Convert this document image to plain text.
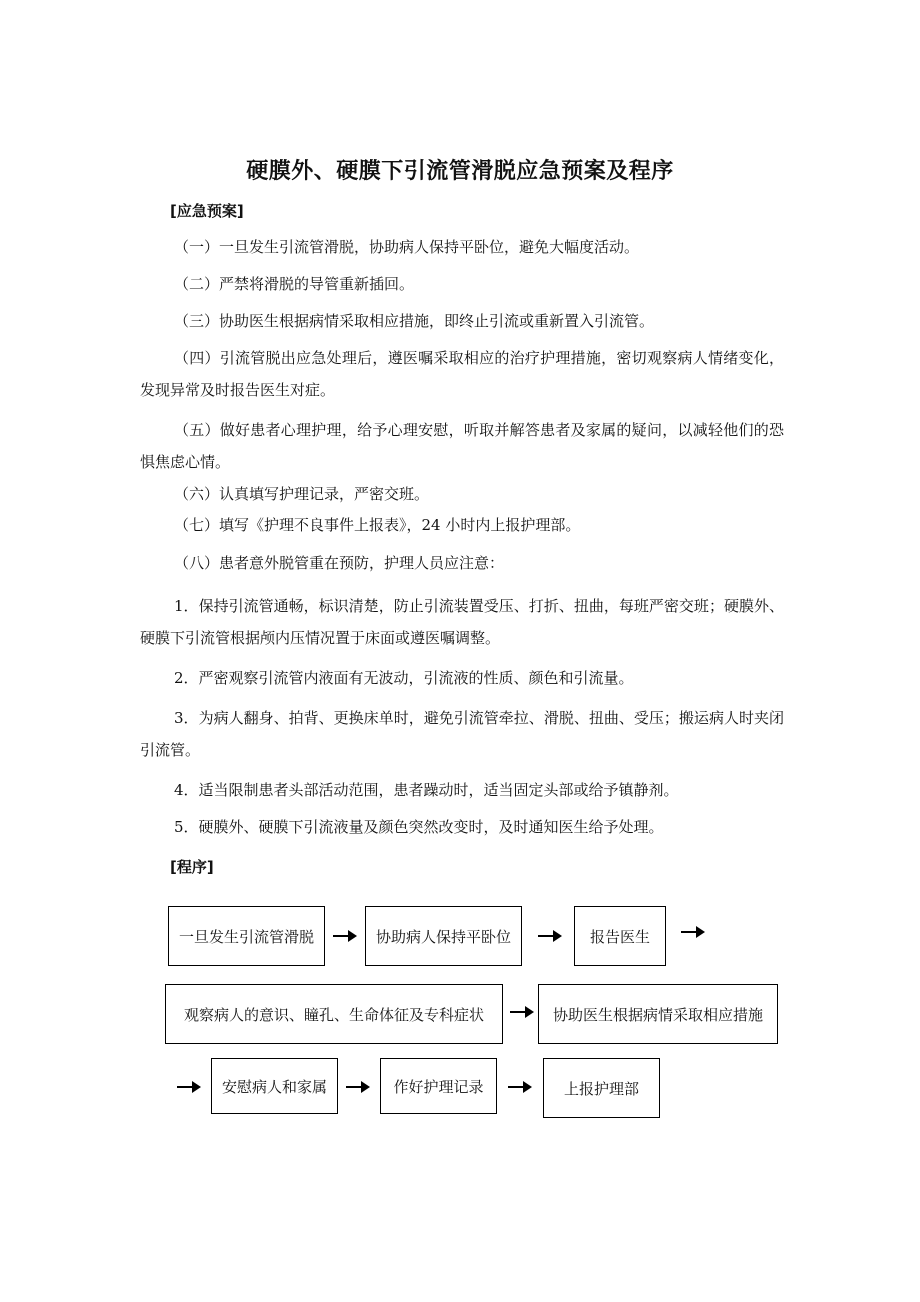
硬膜外、硬膜下引流管滑脱应急预案及程序
[应急预案]
（一）一旦发生引流管滑脱，协助病人保持平卧位，避免大幅度活动。
（二）严禁将滑脱的导管重新插回。
（三）协助医生根据病情采取相应措施，即终止引流或重新置入引流管。
（四）引流管脱出应急处理后，遵医嘱采取相应的治疗护理措施，密切观察病人情绪变化，发现异常及时报告医生对症。
（五）做好患者心理护理，给予心理安慰，听取并解答患者及家属的疑问，以减轻他们的恐惧焦虑心情。
（六）认真填写护理记录，严密交班。
（七）填写《护理不良事件上报表》，24 小时内上报护理部。
（八）患者意外脱管重在预防，护理人员应注意：
1．保持引流管通畅，标识清楚，防止引流装置受压、打折、扭曲，每班严密交班；硬膜外、硬膜下引流管根据颅内压情况置于床面或遵医嘱调整。
2．严密观察引流管内液面有无波动，引流液的性质、颜色和引流量。
3．为病人翻身、拍背、更换床单时，避免引流管牵拉、滑脱、扭曲、受压；搬运病人时夹闭引流管。
4．适当限制患者头部活动范围，患者躁动时，适当固定头部或给予镇静剂。
5．硬膜外、硬膜下引流液量及颜色突然改变时，及时通知医生给予处理。
[程序]
一旦发生引流管滑脱	协助病人保持平卧位	报告医生
观察病人的意识、瞳孔、生命体征及专科症状	协助医生根据病情采取相应措施
安慰病人和家属	作好护理记录	上报护理部
